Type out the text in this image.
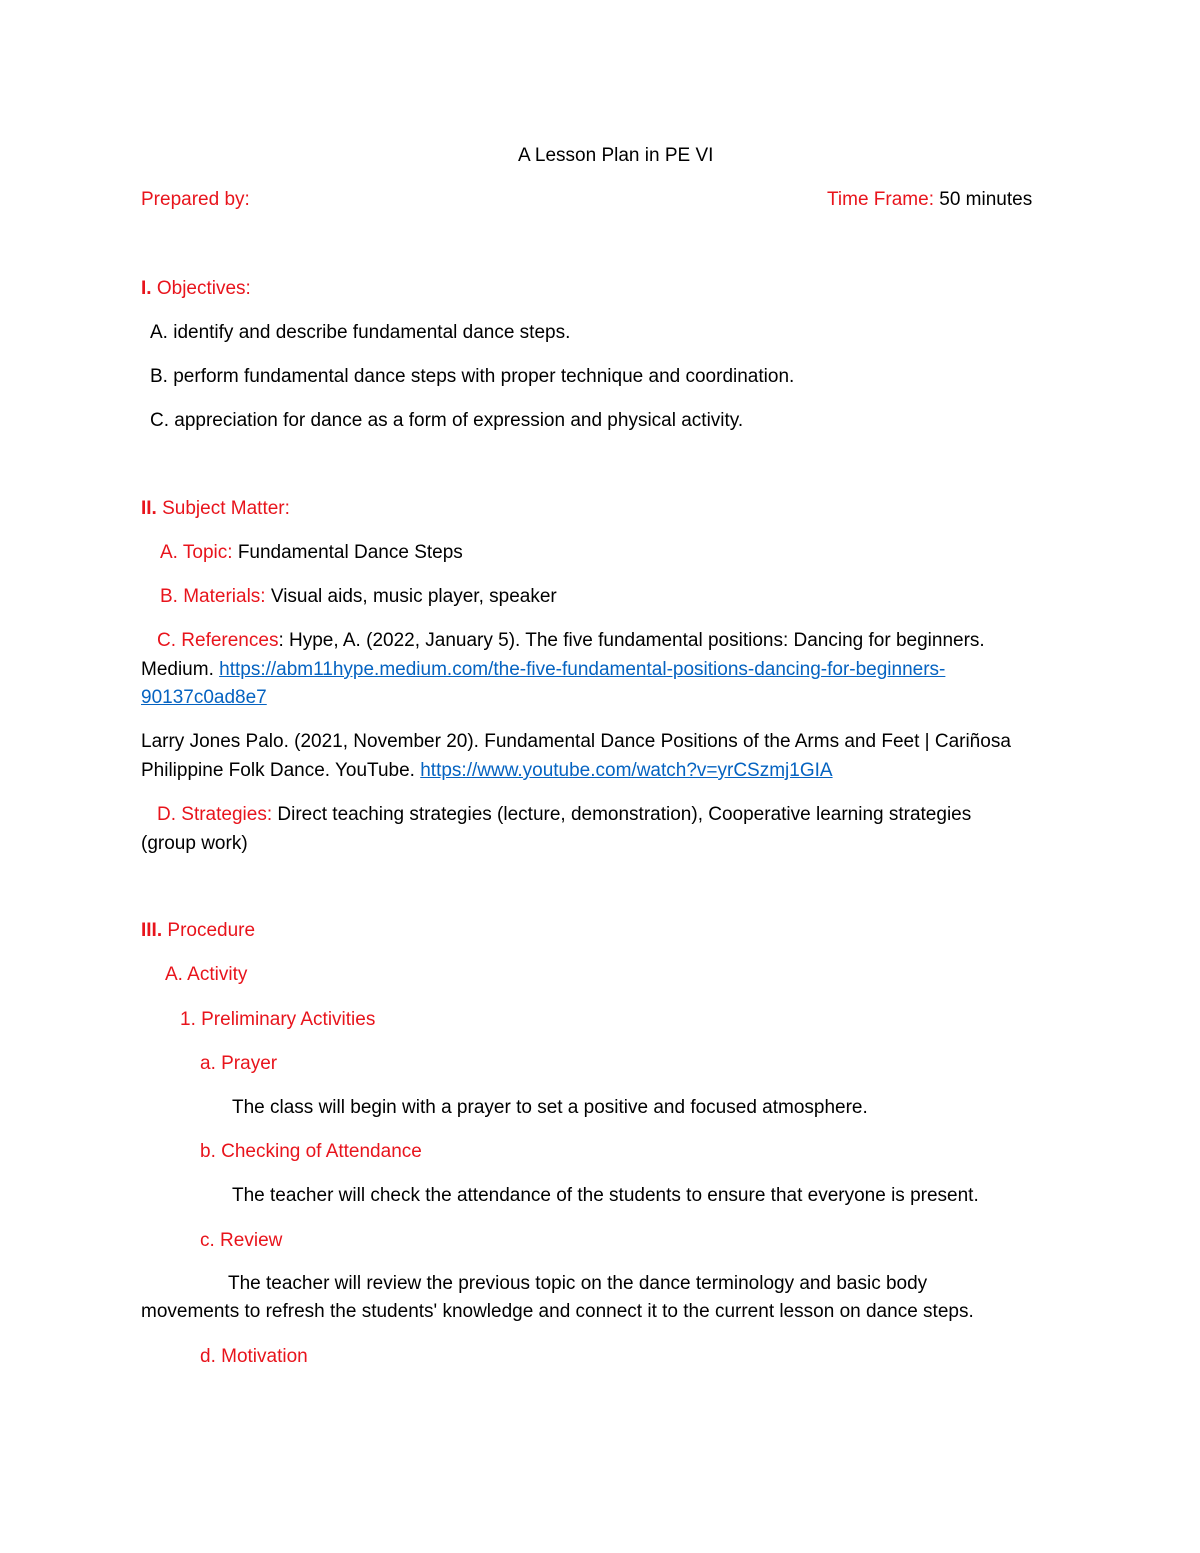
A Lesson Plan in PE VI
Prepared by:	Time Frame: 50 minutes
I. Objectives:
A. identify and describe fundamental dance steps.
B. perform fundamental dance steps with proper technique and coordination.
C. appreciation for dance as a form of expression and physical activity.
II. Subject Matter:
A. Topic: Fundamental Dance Steps
B. Materials: Visual aids, music player, speaker
C. References: Hype, A. (2022, January 5). The five fundamental positions: Dancing for beginners.
Medium. https://abm11hype.medium.com/the-five-fundamental-positions-dancing-for-beginners-
90137c0ad8e7
Larry Jones Palo. (2021, November 20). Fundamental Dance Positions of the Arms and Feet | Cariñosa
Philippine Folk Dance. YouTube. https://www.youtube.com/watch?v=yrCSzmj1GIA
D. Strategies: Direct teaching strategies (lecture, demonstration), Cooperative learning strategies
(group work)
III. Procedure
A. Activity
1. Preliminary Activities
a. Prayer
The class will begin with a prayer to set a positive and focused atmosphere.
b. Checking of Attendance
The teacher will check the attendance of the students to ensure that everyone is present.
c. Review
The teacher will review the previous topic on the dance terminology and basic body
movements to refresh the students' knowledge and connect it to the current lesson on dance steps.
d. Motivation
